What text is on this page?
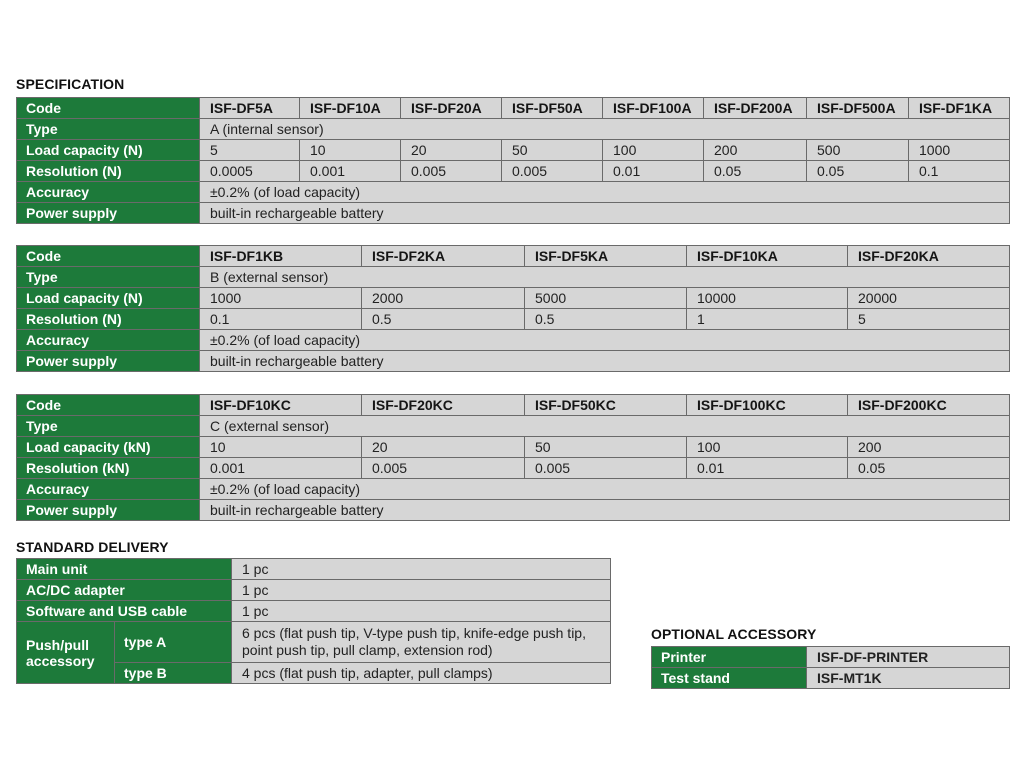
SPECIFICATION
Code	ISF-DF5A	ISF-DF10A	ISF-DF20A	ISF-DF50A	ISF-DF100A	ISF-DF200A	ISF-DF500A	ISF-DF1KA
Type	A (internal sensor)							
Load capacity (N)	5	10	20	50	100	200	500	1000
Resolution (N)	0.0005	0.001	0.005	0.005	0.01	0.05	0.05	0.1
Accuracy	±0.2% (of load capacity)							
Power supply	built-in rechargeable battery							
Code	ISF-DF1KB	ISF-DF2KA	ISF-DF5KA	ISF-DF10KA	ISF-DF20KA
Type	B (external sensor)				
Load capacity (N)	1000	2000	5000	10000	20000
Resolution (N)	0.1	0.5	0.5	1	5
Accuracy	±0.2% (of load capacity)				
Power supply	built-in rechargeable battery				
Code	ISF-DF10KC	ISF-DF20KC	ISF-DF50KC	ISF-DF100KC	ISF-DF200KC
Type	C (external sensor)				
Load capacity (kN)	10	20	50	100	200
Resolution (kN)	0.001	0.005	0.005	0.01	0.05
Accuracy	±0.2% (of load capacity)				
Power supply	built-in rechargeable battery				
STANDARD DELIVERY
Main unit		1 pc
AC/DC adapter		1 pc
Software and USB cable		1 pc
Push/pull accessory	type A	6 pcs (flat push tip, V-type push tip, knife-edge push tip, point push tip, pull clamp, extension rod)
	type B	4 pcs (flat push tip, adapter, pull clamps)
OPTIONAL ACCESSORY
Printer	ISF-DF-PRINTER
Test stand	ISF-MT1K
